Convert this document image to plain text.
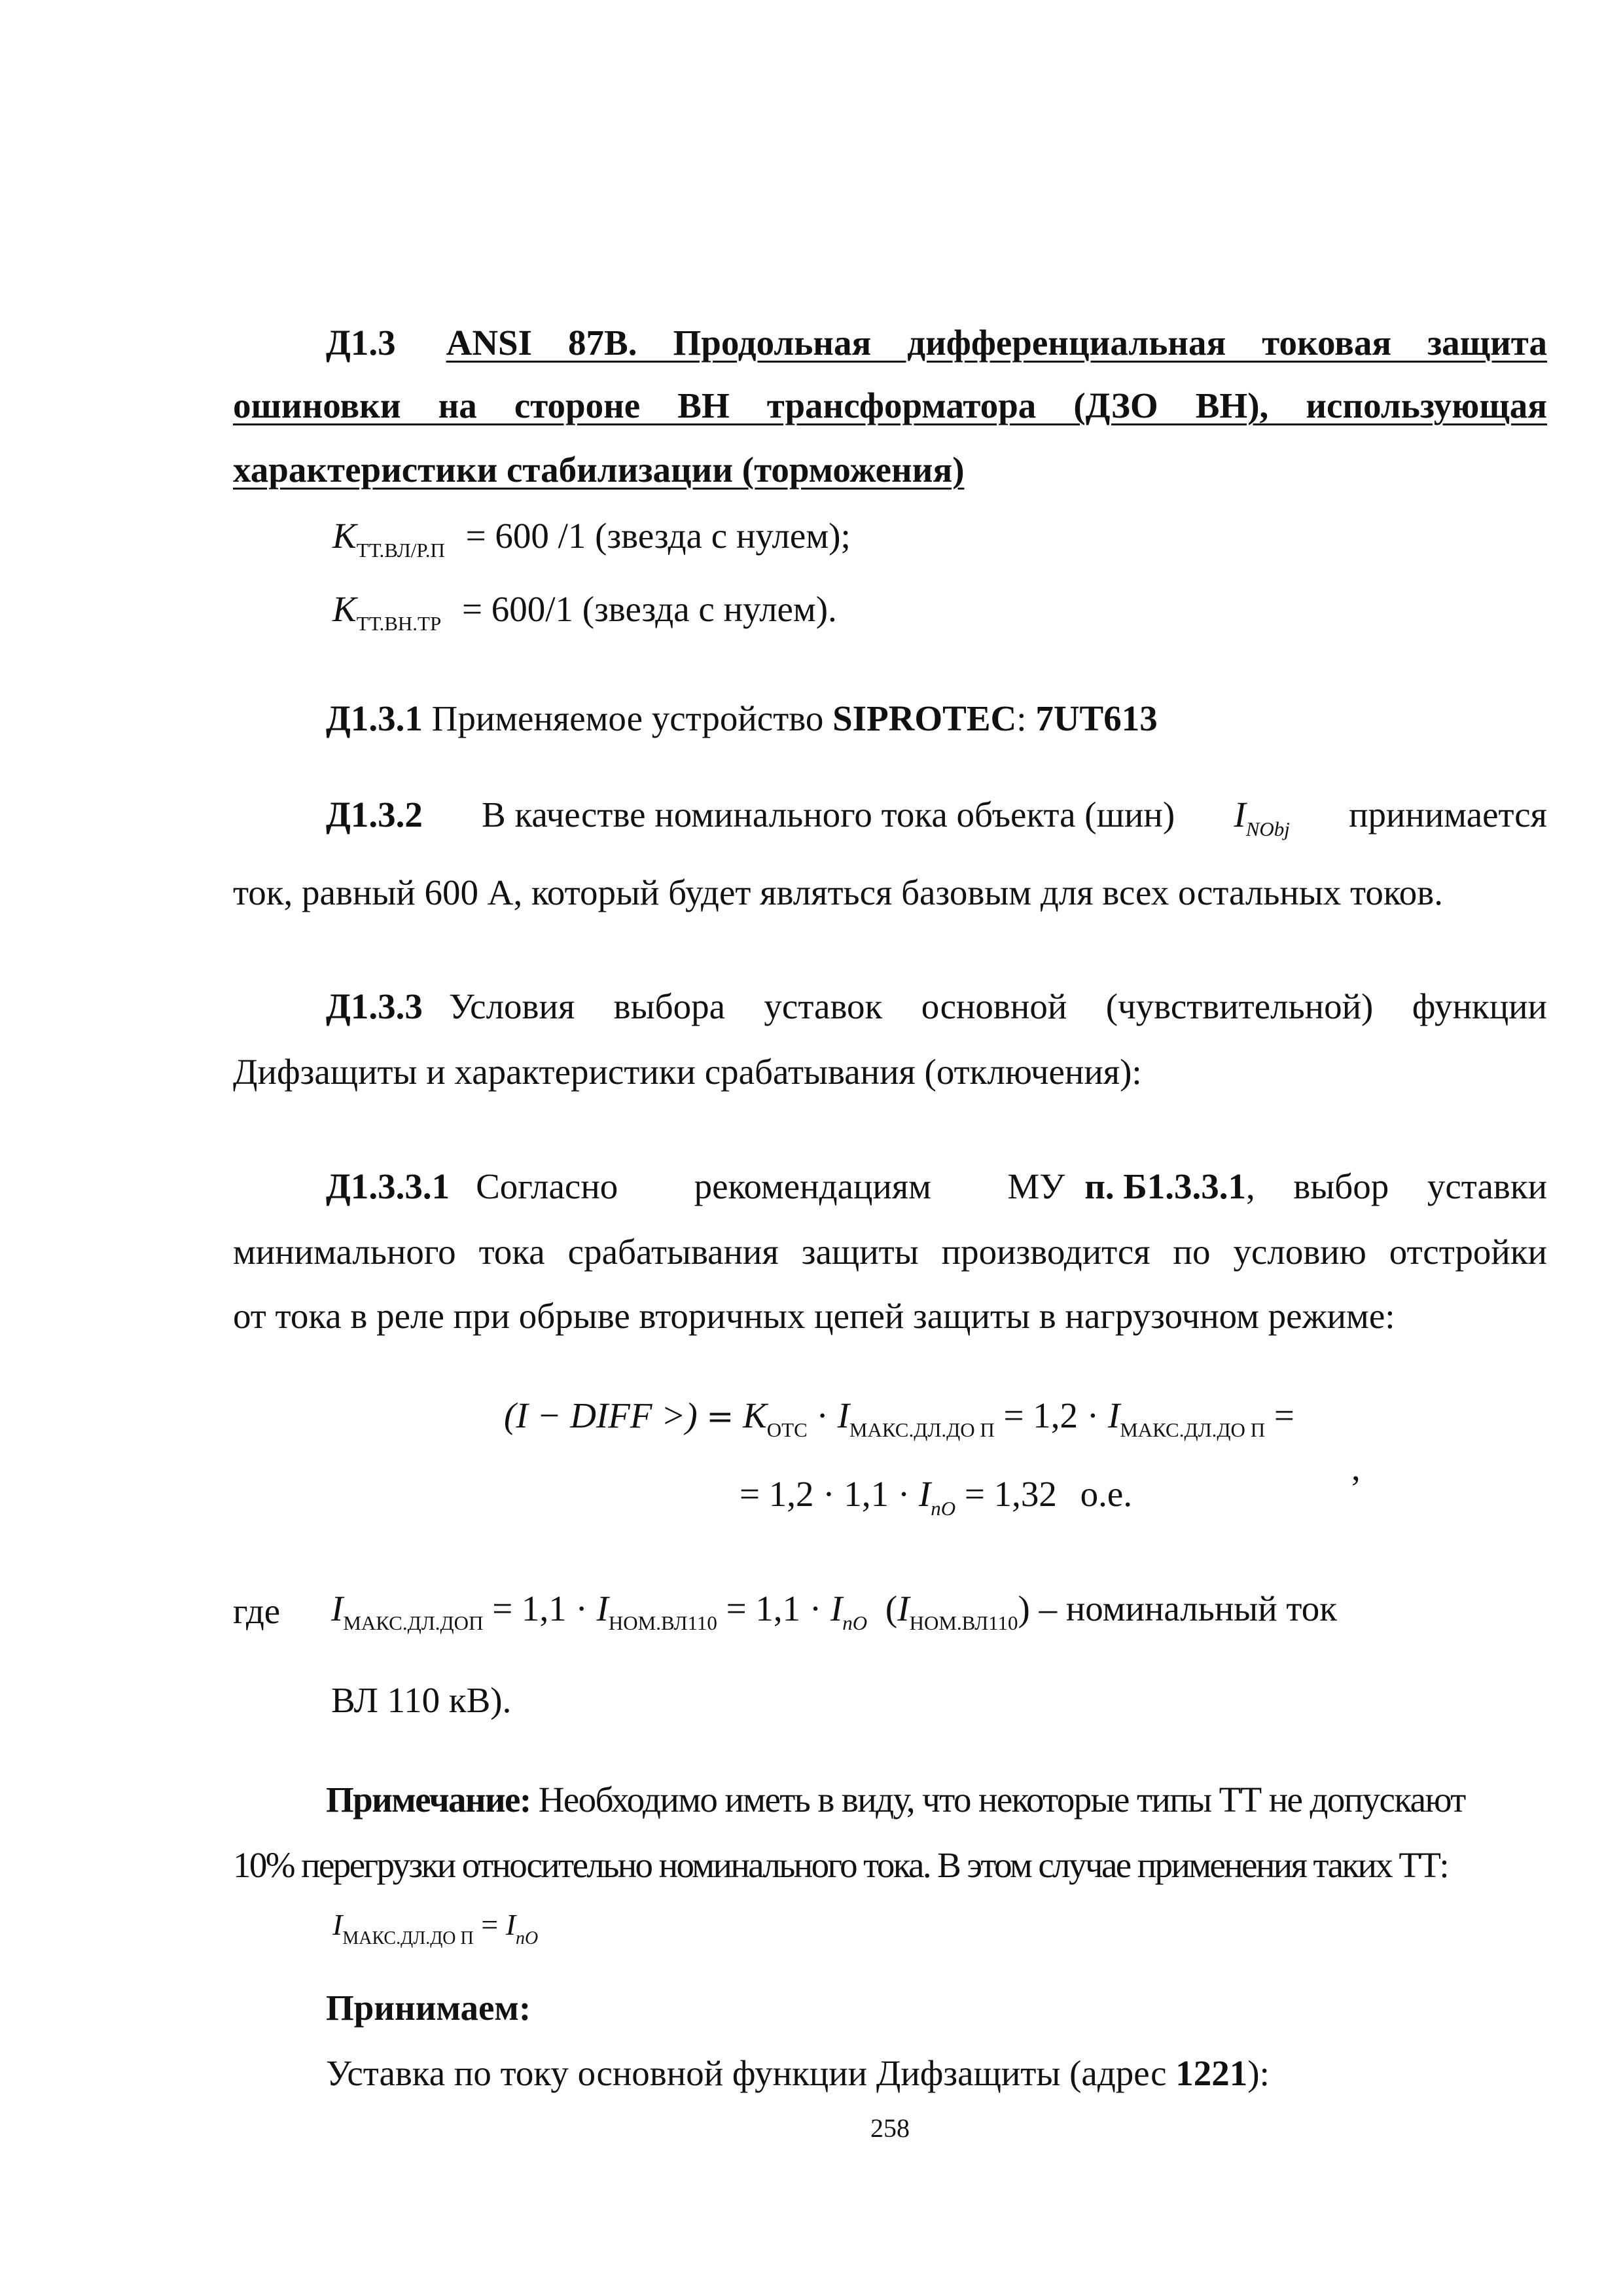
Д1.3 ANSI 87B. Продольная дифференциальная токовая защита
ошиновки на стороне ВН трансформатора (ДЗО ВН), использующая
характеристики стабилизации (торможения)
$K_{ТТ.ВЛ/Р.П} = 600$ /1 (звезда с нулем);
$K_{ТТ.ВН.ТР} = 600/1$ (звезда с нулем).
Д1.3.1 Применяемое устройство SIPROTEC: 7UT613
Д1.3.2 В качестве номинального тока объекта (шин) $I_{NObj}$ принимается
ток, равный 600 А, который будет являться базовым для всех остальных токов.
Д1.3.3 Условия выбора уставок основной (чувствительной) функции
Дифзащиты и характеристики срабатывания (отключения):
Д1.3.3.1 Согласно рекомендациям МУ п. Б1.3.3.1 , выбор уставки
минимального тока срабатывания защиты производится по условию отстройки
от тока в реле при обрыве вторичных цепей защиты в нагрузочном режиме:
(I − DIFF >) = $K_{ОТС} \cdot I_{МАКС.ДЛ.ДО П} = 1,2 \cdot I_{МАКС.ДЛ.ДО П}$ =
,
= $1,2 \cdot 1,1 \cdot I_{nO} = 1,32$ о.е.
где $I_{МАКС.ДЛ.ДОП} = 1,1 \cdot I_{НОМ.ВЛ110} = 1,1 \cdot I_{nO}$ $(I_{НОМ.ВЛ110})$ – номинальный ток
ВЛ 110 кВ).
Примечание: Необходимо иметь в виду, что некоторые типы ТТ не допускают
10% перегрузки относительно номинального тока. В этом случае применения таких ТТ:
$I_{МАКС.ДЛ.ДО П} = I_{nO}$
Принимаем:
Уставка по току основной функции Дифзащиты (адрес 1221):
258
